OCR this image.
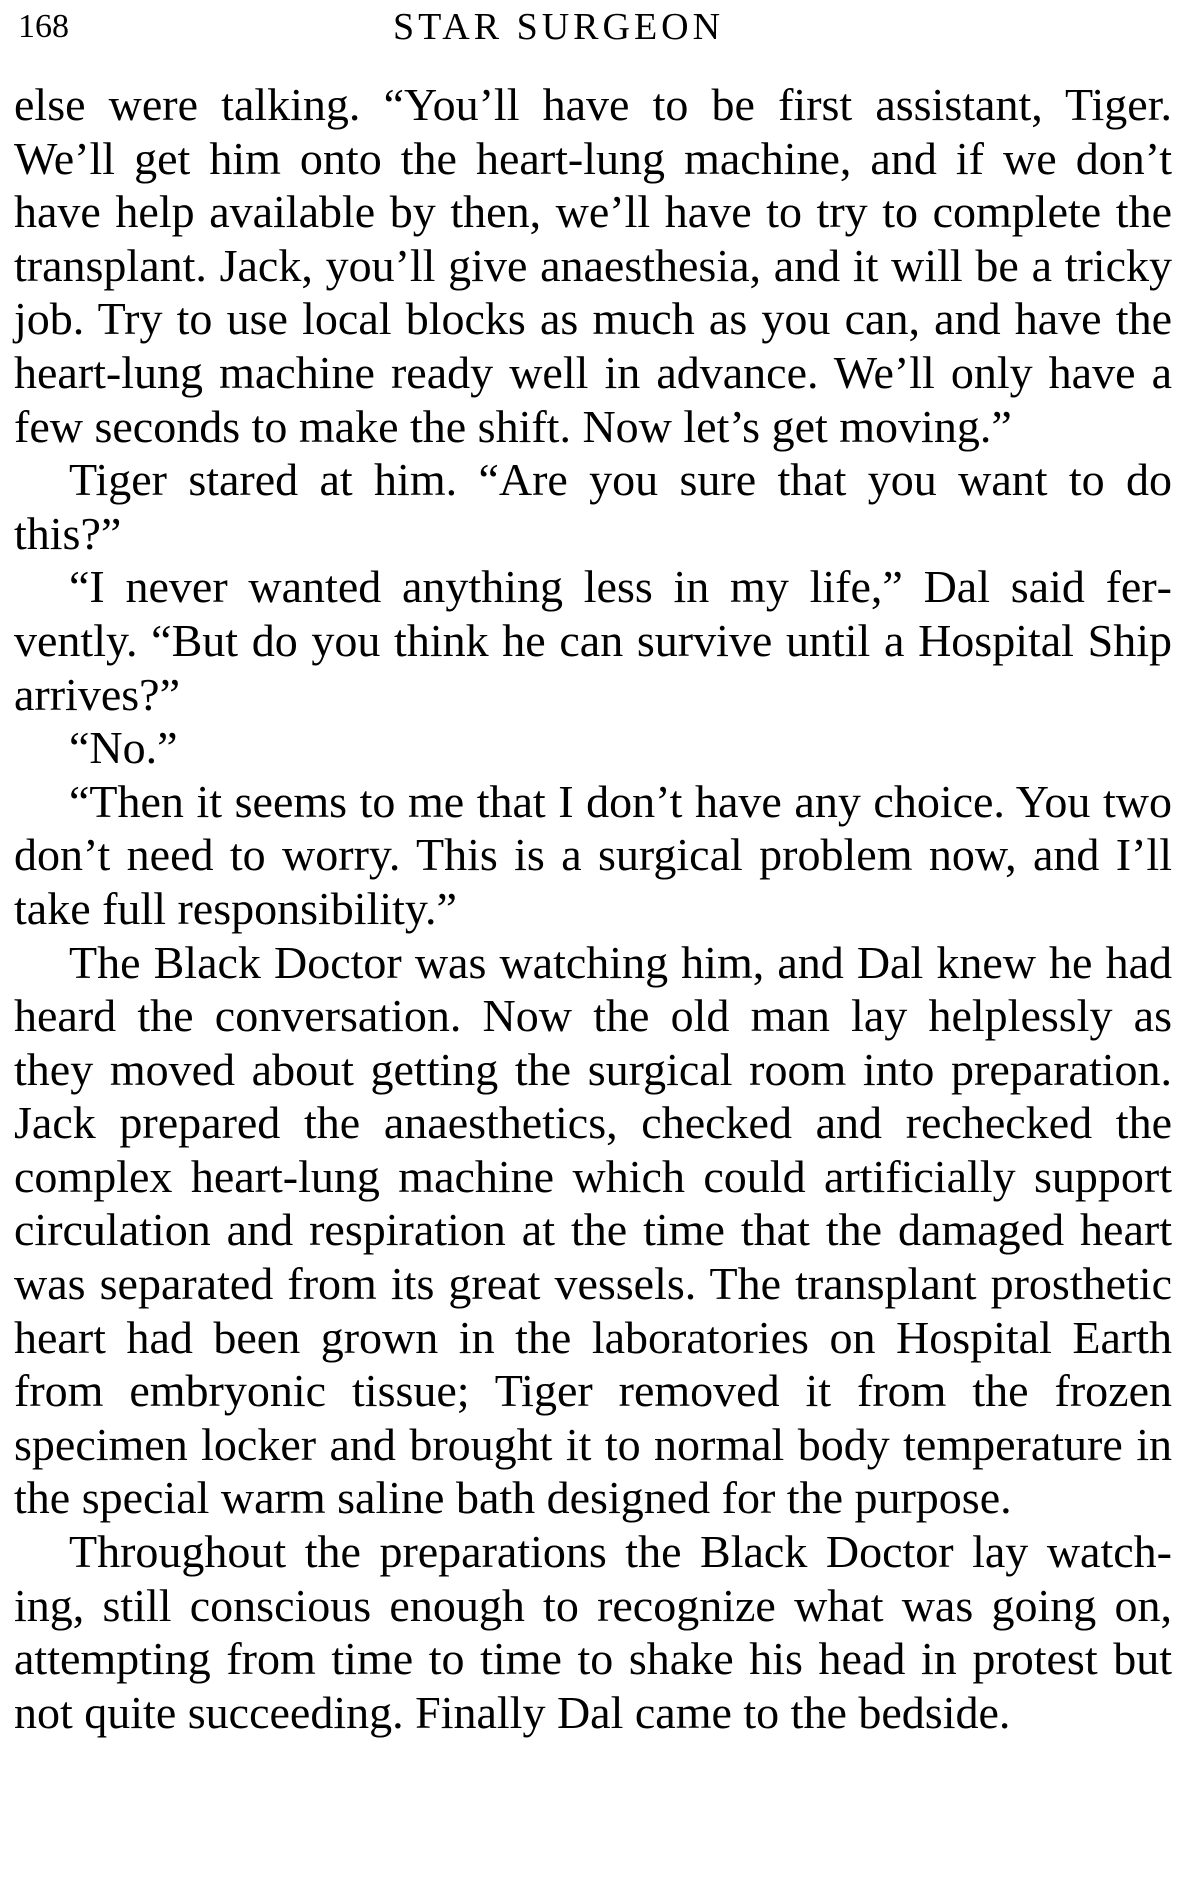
168	STAR SURGEON

else were talking. “You’ll have to be first assistant, Tiger. We’ll get him onto the heart-lung machine, and if we don’t have help available by then, we’ll have to try to complete the transplant. Jack, you’ll give anaesthesia, and it will be a tricky job. Try to use local blocks as much as you can, and have the heart-lung machine ready well in advance. We’ll only have a few seconds to make the shift. Now let’s get moving.”

Tiger stared at him. “Are you sure that you want to do this?”

“I never wanted anything less in my life,” Dal said fervently. “But do you think he can survive until a Hospital Ship arrives?”

“No.”

“Then it seems to me that I don’t have any choice. You two don’t need to worry. This is a surgical problem now, and I’ll take full responsibility.”

The Black Doctor was watching him, and Dal knew he had heard the conversation. Now the old man lay helplessly as they moved about getting the surgical room into preparation. Jack prepared the anaesthetics, checked and rechecked the complex heart-lung machine which could artificially support circulation and respiration at the time that the damaged heart was separated from its great vessels. The transplant prosthetic heart had been grown in the laboratories on Hospital Earth from embryonic tissue; Tiger removed it from the frozen specimen locker and brought it to normal body temperature in the special warm saline bath designed for the purpose.

Throughout the preparations the Black Doctor lay watching, still conscious enough to recognize what was going on, attempting from time to time to shake his head in protest but not quite succeeding. Finally Dal came to the bedside.
